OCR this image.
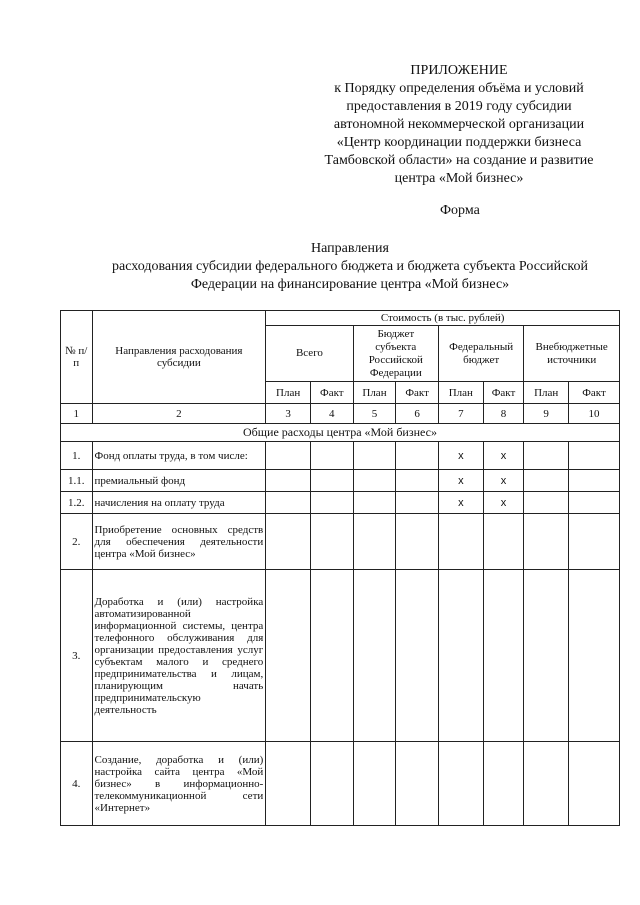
ПРИЛОЖЕНИЕ
к Порядку определения объёма и условий
предоставления в 2019 году субсидии
автономной некоммерческой организации
«Центр координации поддержки бизнеса
Тамбовской области» на создание и развитие
центра «Мой бизнес»
Форма
Направления
расходования субсидии федерального бюджета и бюджета субъекта Российской
Федерации на финансирование центра «Мой бизнес»
№ п/п	Направления расходования субсидии	Стоимость (в тыс. рублей)							
		Всего		Бюджет субъекта Российской Федерации		Федеральный бюджет		Внебюджетные источники	
		План	Факт	План	Факт	План	Факт	План	Факт
1	2	3	4	5	6	7	8	9	10
Общие расходы центра «Мой бизнес»									
1.	Фонд оплаты труда, в том числе:					x	x		
1.1.	премиальный фонд					x	x		
1.2.	начисления на оплату труда					x	x		
2.	Приобретение основных средств для обеспечения деятельности центра «Мой бизнес»								
3.	Доработка и (или) настройка автоматизированной информационной системы, центра телефонного обслуживания для организации предоставления услуг субъектам малого и среднего предпринимательства и лицам, планирующим начать предпринимательскую деятельность								
4.	Создание, доработка и (или) настройка сайта центра «Мой бизнес» в информационно-телекоммуникационной сети «Интернет»								
